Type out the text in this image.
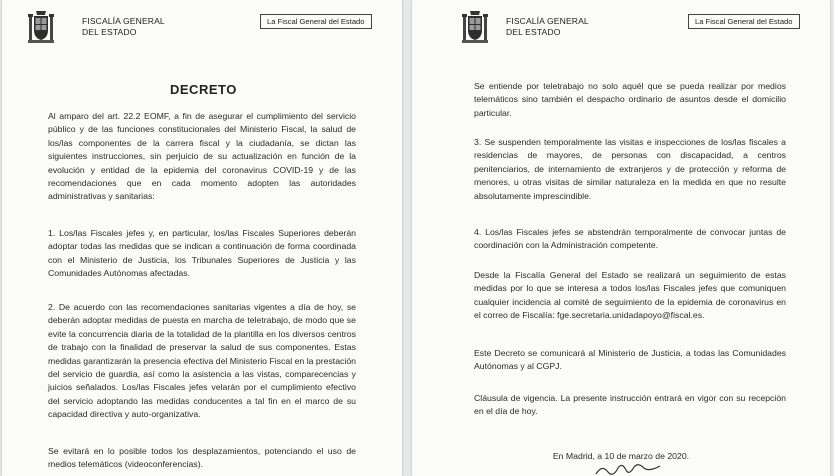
FISCALÍA GENERAL
DEL ESTADO
La Fiscal General del Estado
DECRETO
Al amparo del art. 22.2 EOMF, a fin de asegurar el cumplimiento del servicio público y de las funciones constitucionales del Ministerio Fiscal, la salud de los/las componentes de la carrera fiscal y la ciudadanía, se dictan las siguientes instrucciones, sin perjuicio de su actualización en función de la evolución y entidad de la epidemia del coronavirus COVID-19 y de las recomendaciones que en cada momento adopten las autoridades administrativas y sanitarias:
1. Los/las Fiscales jefes y, en particular, los/las Fiscales Superiores deberán adoptar todas las medidas que se indican a continuación de forma coordinada con el Ministerio de Justicia, los Tribunales Superiores de Justicia y las Comunidades Autónomas afectadas.
2. De acuerdo con las recomendaciones sanitarias vigentes a día de hoy, se deberán adoptar medidas de puesta en marcha de teletrabajo, de modo que se evite la concurrencia diaria de la totalidad de la plantilla en los diversos centros de trabajo con la finalidad de preservar la salud de sus componentes. Estas medidas garantizarán la presencia efectiva del Ministerio Fiscal en la prestación del servicio de guardia, así como la asistencia a las vistas, comparecencias y juicios señalados. Los/las Fiscales jefes velarán por el cumplimiento efectivo del servicio adoptando las medidas conducentes a tal fin en el marco de su capacidad directiva y auto-organizativa.
Se evitará en lo posible todos los desplazamientos, potenciando el uso de medios telemáticos (videoconferencias).
FISCALÍA GENERAL
DEL ESTADO
La Fiscal General del Estado
Se entiende por teletrabajo no solo aquél que se pueda realizar por medios telemáticos sino también el despacho ordinario de asuntos desde el domicilio particular.
3. Se suspenden temporalmente las visitas e inspecciones de los/las fiscales a residencias de mayores, de personas con discapacidad, a centros penitenciarios, de internamiento de extranjeros y de protección y reforma de menores, u otras visitas de similar naturaleza en la medida en que no resulte absolutamente imprescindible.
4. Los/las Fiscales jefes se abstendrán temporalmente de convocar juntas de coordinación con la Administración competente.
Desde la Fiscalía General del Estado se realizará un seguimiento de estas medidas por lo que se interesa a todos los/las Fiscales jefes que comuniquen cualquier incidencia al comité de seguimiento de la epidemia de coronavirus en el correo de Fiscalía: fge.secretaria.unidadapoyo@fiscal.es.
Este Decreto se comunicará al Ministerio de Justicia, a todas las Comunidades Autónomas y al CGPJ.
Cláusula de vigencia. La presente instrucción entrará en vigor con su recepción en el día de hoy.
En Madrid, a 10 de marzo de 2020.
